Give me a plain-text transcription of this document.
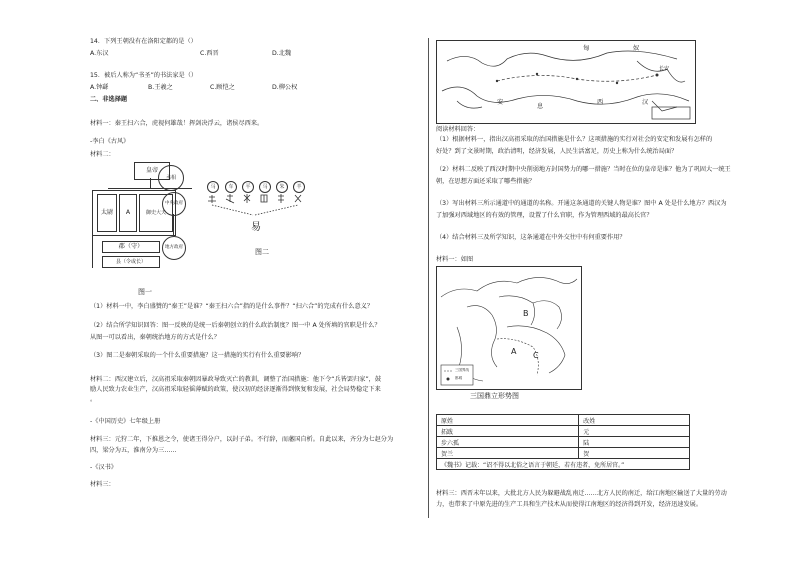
14．下列王朝没有在洛阳定都的是（）
A.东汉	C.西晋	D.北魏
15．被后人称为“书圣”的书法家是（）
A.钟繇	B.王羲之	C.顾恺之	D.柳公权
二、非选择题
材料一：秦王扫六合，虎视何雄哉！挥剑决浮云，诸侯尽西来。
-李白《古风》
材料二：
皇帝
太尉	A	御史大夫
丞相
中央政府
地方政府
郡（守）
县（令或长）
图一
马	车	平	马	朱	羊
易
图二
（1）材料一中，李白盛赞的“秦王”是谁？“秦王扫六合”指的是什么事件？“扫六合”的完成有什么意义？
（2）结合所学知识回答：图一反映的是统一后秦朝创立的什么政治制度？图一中 A 处所填的官职是什么？
从图一可以看出，秦朝统治地方的方式是什么？
（3）图二是秦朝采取的一个什么重要措施？这一措施的实行有什么重要影响？
材料二：西汉建立后，汉高祖采取秦朝因暴政导致灭亡的教训，调整了治国措施：他下令“兵皆罢归家”，鼓
励人民致力农业生产，汉高祖采取轻徭薄赋的政策，使汉初的经济逐渐得到恢复和发展，社会局势稳定下来
。
-《中国历史》七年级上册
材料三：元狩二年，下推恩之令，使诸王得分户，以封子弟。不行辞，而藩国自析。自此以来，齐分为七赵分为
四，梁分为五，淮南分为三……
-《汉书》
材料三：
匈	奴
西	汉
安
息
长安
阅读材料回答：
（1）根据材料一，指出汉高祖采取的治国措施是什么？这项措施的实行对社会的安定和发展有怎样的
好处？到了文景时期，政治清明，经济发展，人民生活富足，历史上称为什么统治局面？
（2）材料二反映了西汉时期中央削弱地方封国势力的哪一措施？当时在位的皇帝是谁？他为了巩固大一统王
朝，在思想方面还采取了哪些措施？
（3）写出材料三所示通道中的通道的名称。开通这条通道的关键人物是谁？图中 A 处是什么地方？西汉为
了加强对西域地区的有效的管理，设置了什么官职，作为管理西域的最高长官？
（4）结合材料三及所学知识，这条通道在中外交往中有何重要作用？
材料一：如图
B
A C
三国界线
都城
三国鼎立形势图
原姓	改姓
拓跋	元
步六孤	陆
贺兰	贺
《魏书》记载：“诏不得以北俗之语言于朝廷，若有违者，免所居官。”	
材料三：西晋末年以来，大批北方人民为躲避战乱南迁……北方人民的南迁，给江南地区输送了大量的劳动
力，也带来了中原先进的生产工具和生产技术从而使得江南地区的经济得到开发，经济迅速发展。
